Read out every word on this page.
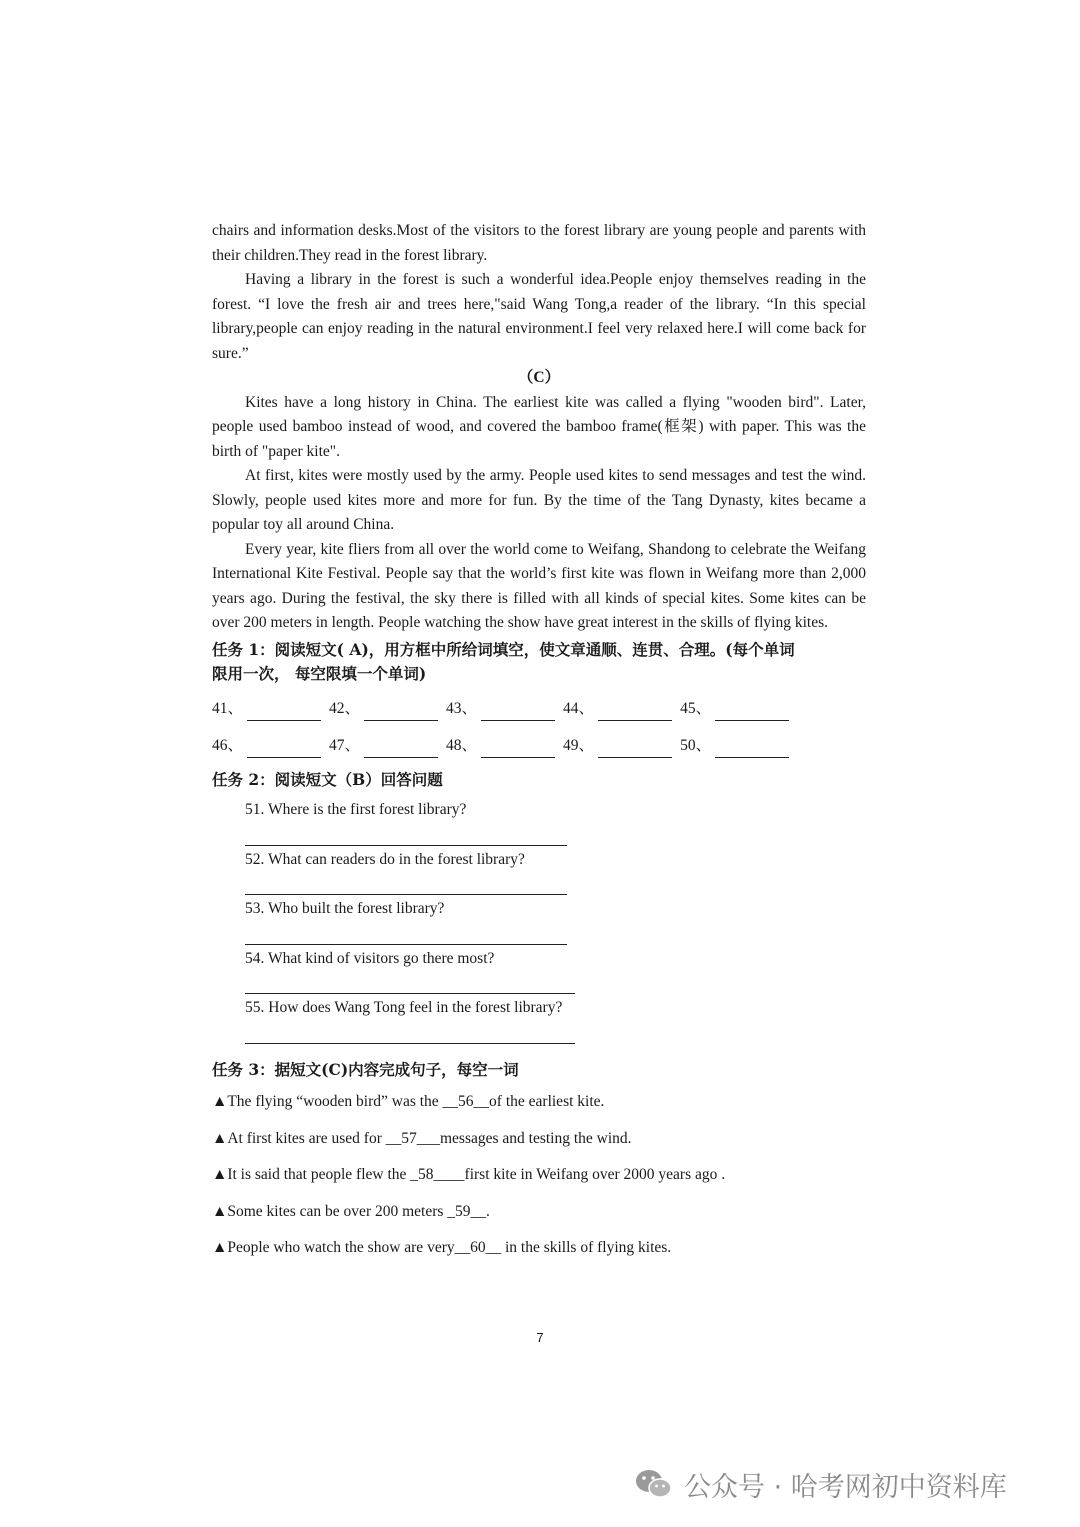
chairs and information desks.Most of the visitors to the forest library are young people and parents with their children.They read in the forest library.

Having a library in the forest is such a wonderful idea.People enjoy themselves reading in the forest. “I love the fresh air and trees here,"said Wang Tong,a reader of the library. “In this special library,people can enjoy reading in the natural environment.I feel very relaxed here.I will come back for sure.”

（C）

Kites have a long history in China. The earliest kite was called a flying "wooden bird". Later, people used bamboo instead of wood, and covered the bamboo frame(框架) with paper. This was the birth of "paper kite".

At first, kites were mostly used by the army. People used kites to send messages and test the wind. Slowly, people used kites more and more for fun. By the time of the Tang Dynasty, kites became a popular toy all around China.

Every year, kite fliers from all over the world come to Weifang, Shandong to celebrate the Weifang International Kite Festival. People say that the world’s first kite was flown in Weifang more than 2,000 years ago. During the festival, the sky there is filled with all kinds of special kites. Some kites can be over 200 meters in length. People watching the show have great interest in the skills of flying kites.

任务 1：阅读短文( A)，用方框中所给词填空，使文章通顺、连贯、合理。(每个单词

限用一次， 每空限填一个单词)

41、	42、	43、	44、	45、
46、	47、	48、	49、	50、

任务 2：阅读短文（B）回答问题

51. Where is the first forest library?
52. What can readers do in the forest library?
53. Who built the forest library?
54. What kind of visitors go there most?
55. How does Wang Tong feel in the forest library?

任务 3：据短文(C)内容完成句子，每空一词

▲The flying “wooden bird” was the __56__of the earliest kite.
▲At first kites are used for __57___messages and testing the wind.
▲It is said that people flew the _58____first kite in Weifang over 2000 years ago .
▲Some kites can be over 200 meters _59__.
▲People who watch the show are very__60__ in the skills of flying kites.
7
公众号 · 哈考网初中资料库
